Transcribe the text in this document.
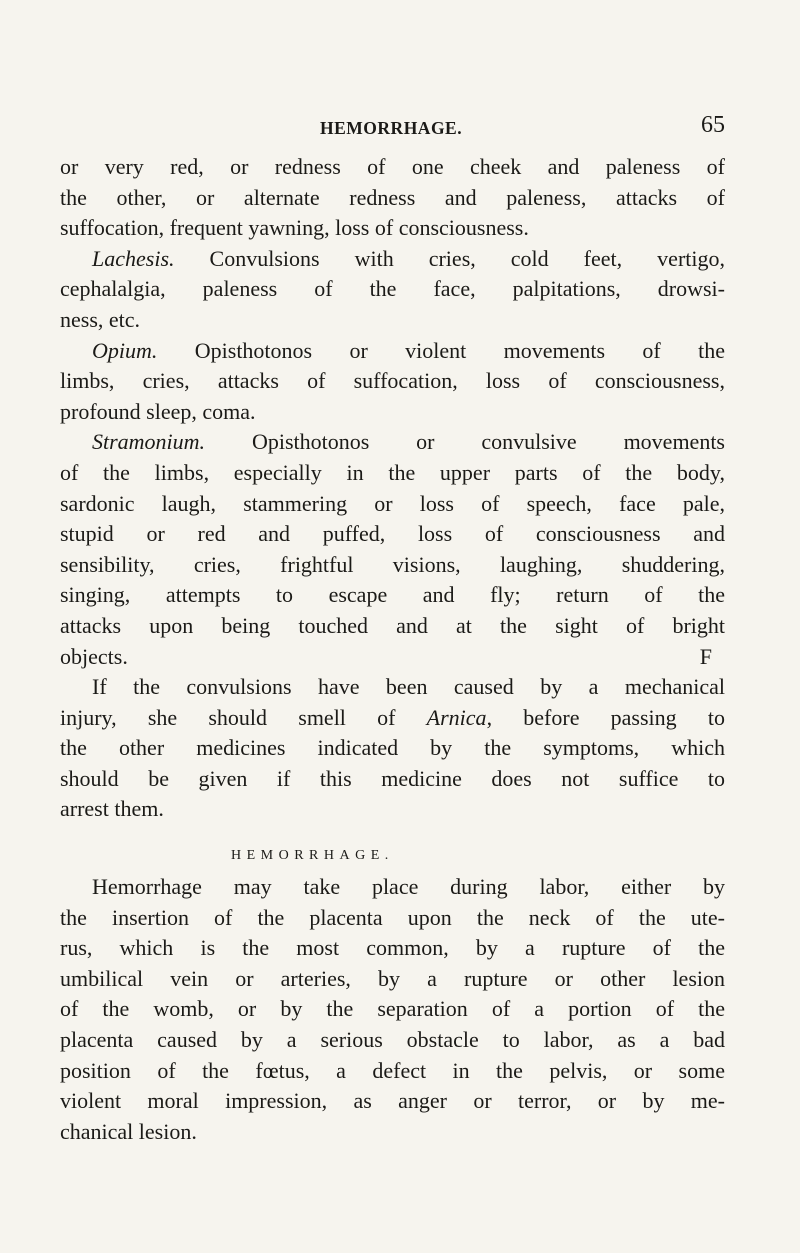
HEMORRHAGE.	65

or very red, or redness of one cheek and paleness of
the other, or alternate redness and paleness, attacks of
suffocation, frequent yawning, loss of consciousness.

Lachesis. Convulsions with cries, cold feet, vertigo,
cephalalgia, paleness of the face, palpitations, drowsi-
ness, etc.

Opium. Opisthotonos or violent movements of the
limbs, cries, attacks of suffocation, loss of consciousness,
profound sleep, coma.

Stramonium. Opisthotonos or convulsive movements
of the limbs, especially in the upper parts of the body,
sardonic laugh, stammering or loss of speech, face pale,
stupid or red and puffed, loss of consciousness and
sensibility, cries, frightful visions, laughing, shuddering,
singing, attempts to escape and fly; return of the
attacks upon being touched and at the sight of bright
objects.	F

If the convulsions have been caused by a mechanical
injury, she should smell of Arnica, before passing to
the other medicines indicated by the symptoms, which
should be given if this medicine does not suffice to
arrest them.

HEMORRHAGE.

Hemorrhage may take place during labor, either by
the insertion of the placenta upon the neck of the ute-
rus, which is the most common, by a rupture of the
umbilical vein or arteries, by a rupture or other lesion
of the womb, or by the separation of a portion of the
placenta caused by a serious obstacle to labor, as a bad
position of the fœtus, a defect in the pelvis, or some
violent moral impression, as anger or terror, or by me-
chanical lesion.
